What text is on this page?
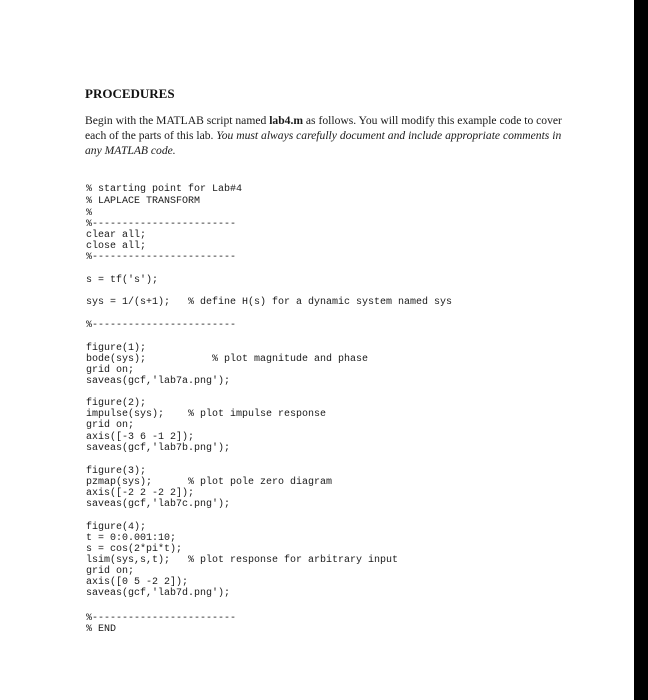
PROCEDURES

Begin with the MATLAB script named lab4.m as follows. You will modify this example code to cover each of the parts of this lab. You must always carefully document and include appropriate comments in any MATLAB code.

% starting point for Lab#4
% LAPLACE TRANSFORM
%
%------------------------
clear all;
close all;
%------------------------
s = tf('s');
sys = 1/(s+1);   % define H(s) for a dynamic system named sys
%------------------------
figure(1);
bode(sys);           % plot magnitude and phase
grid on;
saveas(gcf,'lab7a.png');
figure(2);
impulse(sys);    % plot impulse response
grid on;
axis([-3 6 -1 2]);
saveas(gcf,'lab7b.png');
figure(3);
pzmap(sys);      % plot pole zero diagram
axis([-2 2 -2 2]);
saveas(gcf,'lab7c.png');
figure(4);
t = 0:0.001:10;
s = cos(2*pi*t);
lsim(sys,s,t);   % plot response for arbitrary input
grid on;
axis([0 5 -2 2]);
saveas(gcf,'lab7d.png');
%------------------------
% END
